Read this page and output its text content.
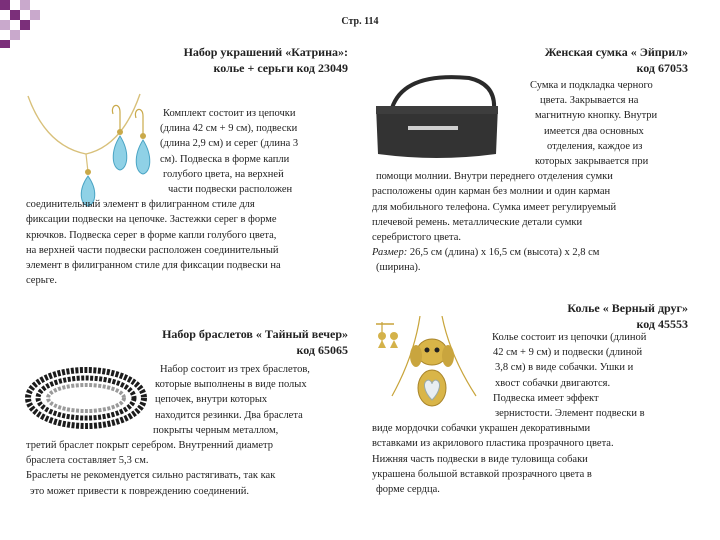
Стр. 114
Набор украшений «Катрина»:
колье + серьги код 23049

Комплект состоит из цепочки

(длина 42 см + 9 см), подвески

(длина 2,9 см) и серег (длина 3

см). Подвеска в форме капли

голубого цвета, на верхней

части подвески расположен

соединительный элемент в филигранном стиле для

фиксации подвески на цепочке. Застежки серег в форме

крючков. Подвеска серег в форме капли голубого цвета,

на верхней части подвески расположен соединительный

элемент в филигранном стиле для фиксации подвески на

серьге.

Женская сумка « Эйприл»
код 67053

Сумка и подкладка черного

цвета. Закрывается на

магнитную кнопку. Внутри

имеется два основных

отделения, каждое из

которых закрывается при

помощи молнии. Внутри переднего отделения сумки

расположены один карман без молнии и один карман

для мобильного телефона. Сумка имеет регулируемый

плечевой ремень. металлические детали сумки

серебристого цвета.

Размер: 26,5 см (длина) х 16,5 см (высота) х 2,8 см

(ширина).

Набор браслетов « Тайный вечер»
код 65065

Набор состоит из трех браслетов,

которые выполнены в виде полых

цепочек, внутри которых

находится резинки. Два браслета

покрыты черным металлом,

третий браслет покрыт серебром. Внутренний диаметр

браслета составляет 5,3 см.

Браслеты не рекомендуется сильно растягивать, так как

это может привести к повреждению соединений.

Колье « Верный друг»
код 45553

Колье состоит из цепочки (длиной

42 см + 9 см) и подвески (длиной

3,8 см) в виде собачки. Ушки и

хвост собачки двигаются.

Подвеска имеет эффект

зернистости. Элемент подвески в

виде мордочки собачки украшен декоративными

вставками из акрилового пластика прозрачного цвета.

Нижняя часть подвески в виде туловища собаки

украшена большой вставкой прозрачного цвета в

форме сердца.
